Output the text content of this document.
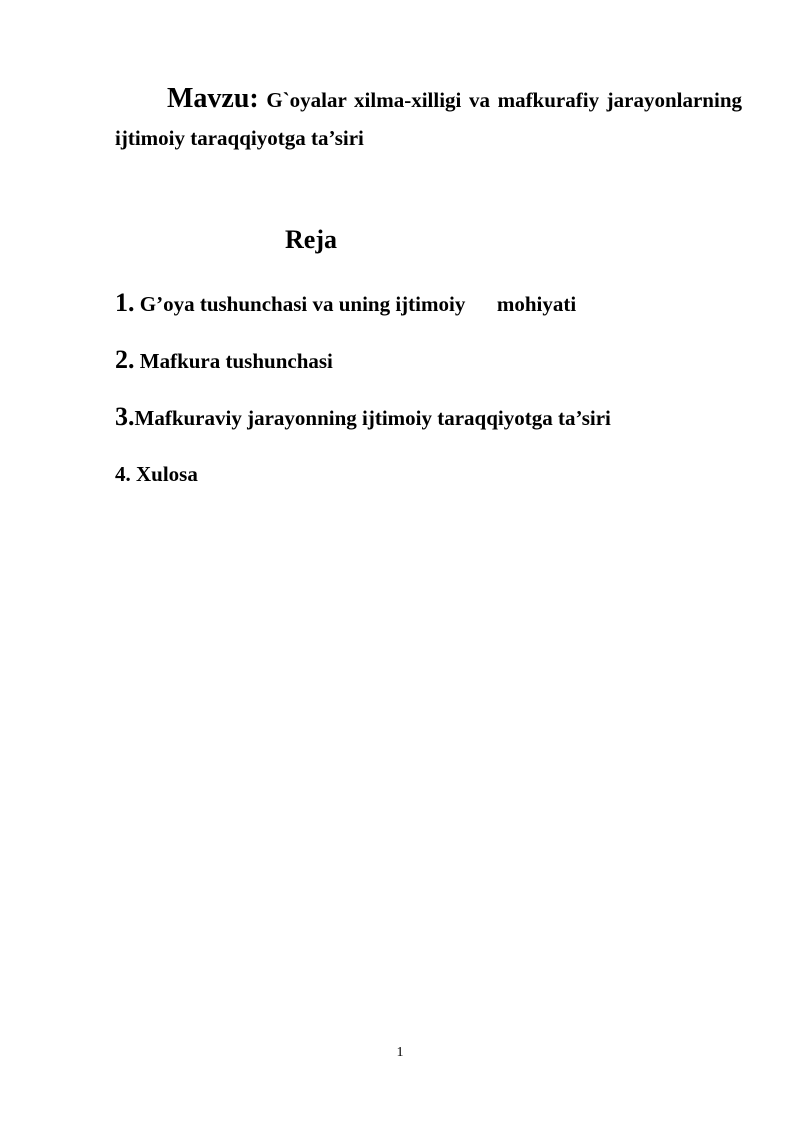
Mavzu: G`oyalar xilma-xilligi va mafkurafiy jarayonlarning ijtimoiy taraqqiyotga ta’siri

Reja

1. G’oya tushunchasi va uning ijtimoiy      mohiyati

2. Mafkura tushunchasi

3.Mafkuraviy jarayonning ijtimoiy taraqqiyotga ta’siri

4. Xulosa

1
